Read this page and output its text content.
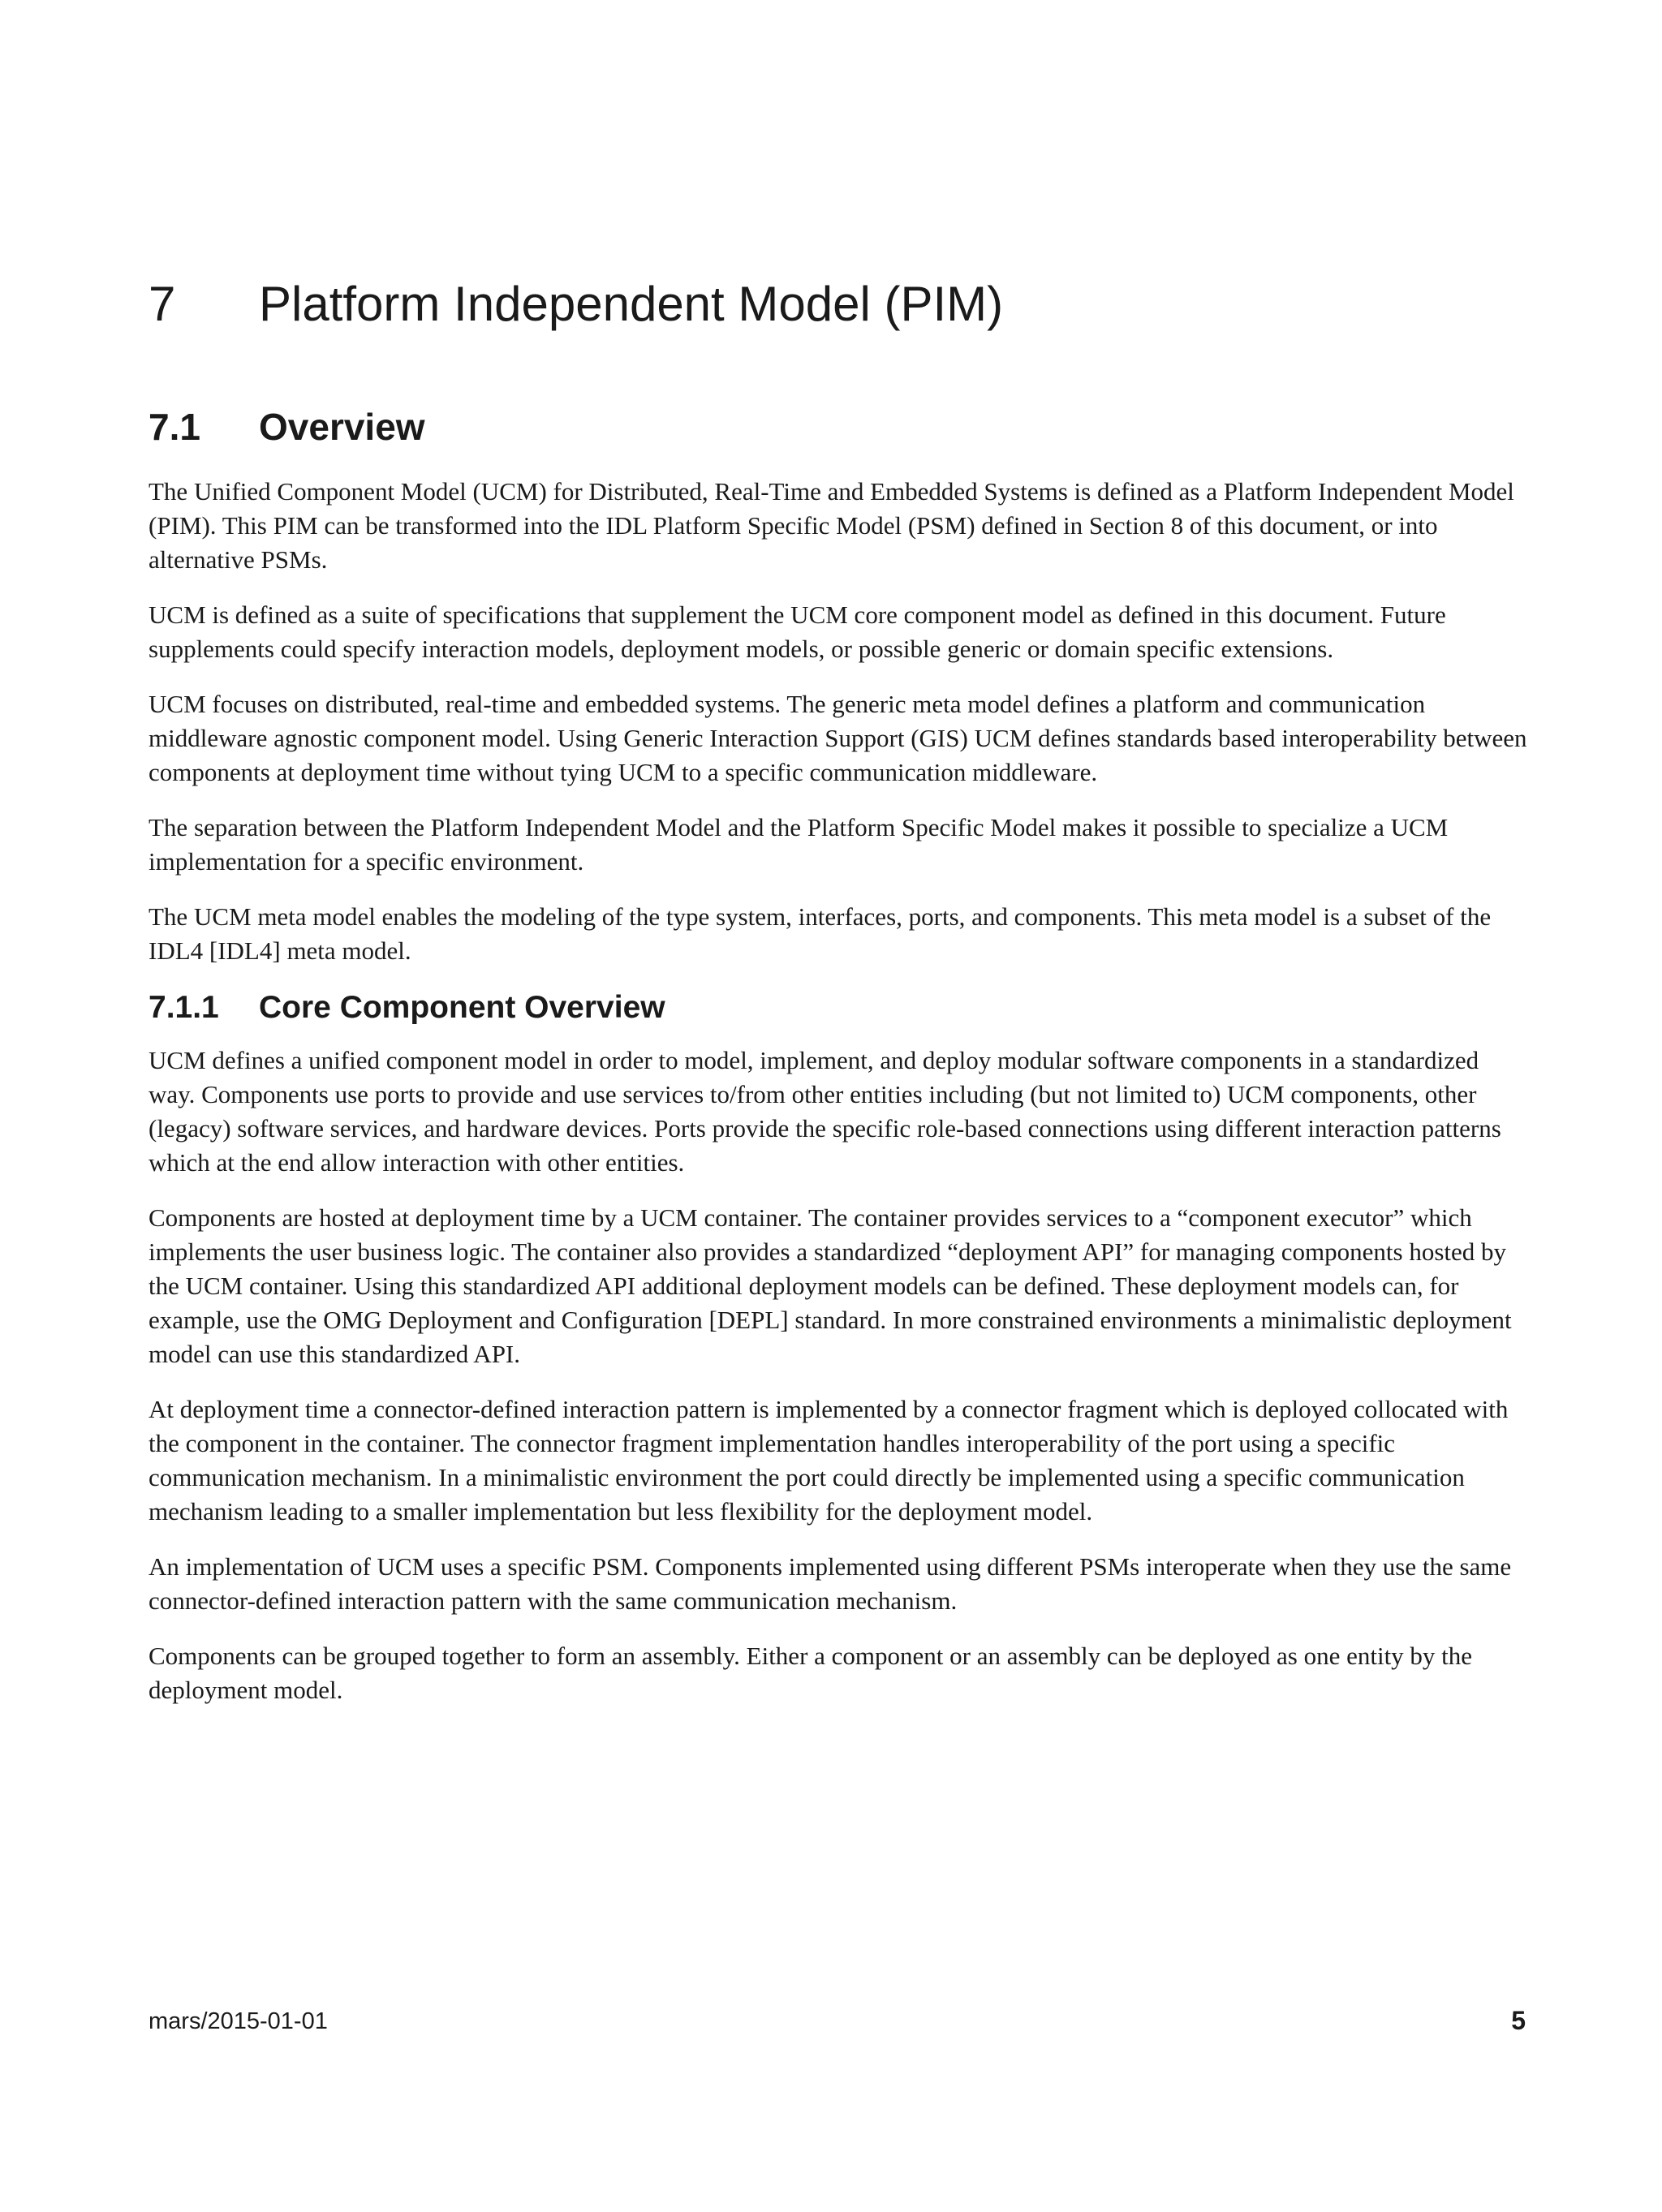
7 Platform Independent Model (PIM)
7.1 Overview

The Unified Component Model (UCM) for Distributed, Real-Time and Embedded Systems is defined as a Platform Independent Model (PIM). This PIM can be transformed into the IDL Platform Specific Model (PSM) defined in Section 8 of this document, or into alternative PSMs.

UCM is defined as a suite of specifications that supplement the UCM core component model as defined in this document. Future supplements could specify interaction models, deployment models, or possible generic or domain specific extensions.

UCM focuses on distributed, real-time and embedded systems. The generic meta model defines a platform and communication middleware agnostic component model. Using Generic Interaction Support (GIS) UCM defines standards based interoperability between components at deployment time without tying UCM to a specific communication middleware.

The separation between the Platform Independent Model and the Platform Specific Model makes it possible to specialize a UCM implementation for a specific environment.

The UCM meta model enables the modeling of the type system, interfaces, ports, and components. This meta model is a subset of the IDL4 [IDL4] meta model.

7.1.1 Core Component Overview

UCM defines a unified component model in order to model, implement, and deploy modular software components in a standardized way. Components use ports to provide and use services to/from other entities including (but not limited to) UCM components, other (legacy) software services, and hardware devices. Ports provide the specific role-based connections using different interaction patterns which at the end allow interaction with other entities.

Components are hosted at deployment time by a UCM container. The container provides services to a “component executor” which implements the user business logic. The container also provides a standardized “deployment API” for managing components hosted by the UCM container. Using this standardized API additional deployment models can be defined. These deployment models can, for example, use the OMG Deployment and Configuration [DEPL] standard. In more constrained environments a minimalistic deployment model can use this standardized API.

At deployment time a connector-defined interaction pattern is implemented by a connector fragment which is deployed collocated with the component in the container. The connector fragment implementation handles interoperability of the port using a specific communication mechanism. In a minimalistic environment the port could directly be implemented using a specific communication mechanism leading to a smaller implementation but less flexibility for the deployment model.

An implementation of UCM uses a specific PSM. Components implemented using different PSMs interoperate when they use the same connector-defined interaction pattern with the same communication mechanism.

Components can be grouped together to form an assembly. Either a component or an assembly can be deployed as one entity by the deployment model.

mars/2015-01-01	5
